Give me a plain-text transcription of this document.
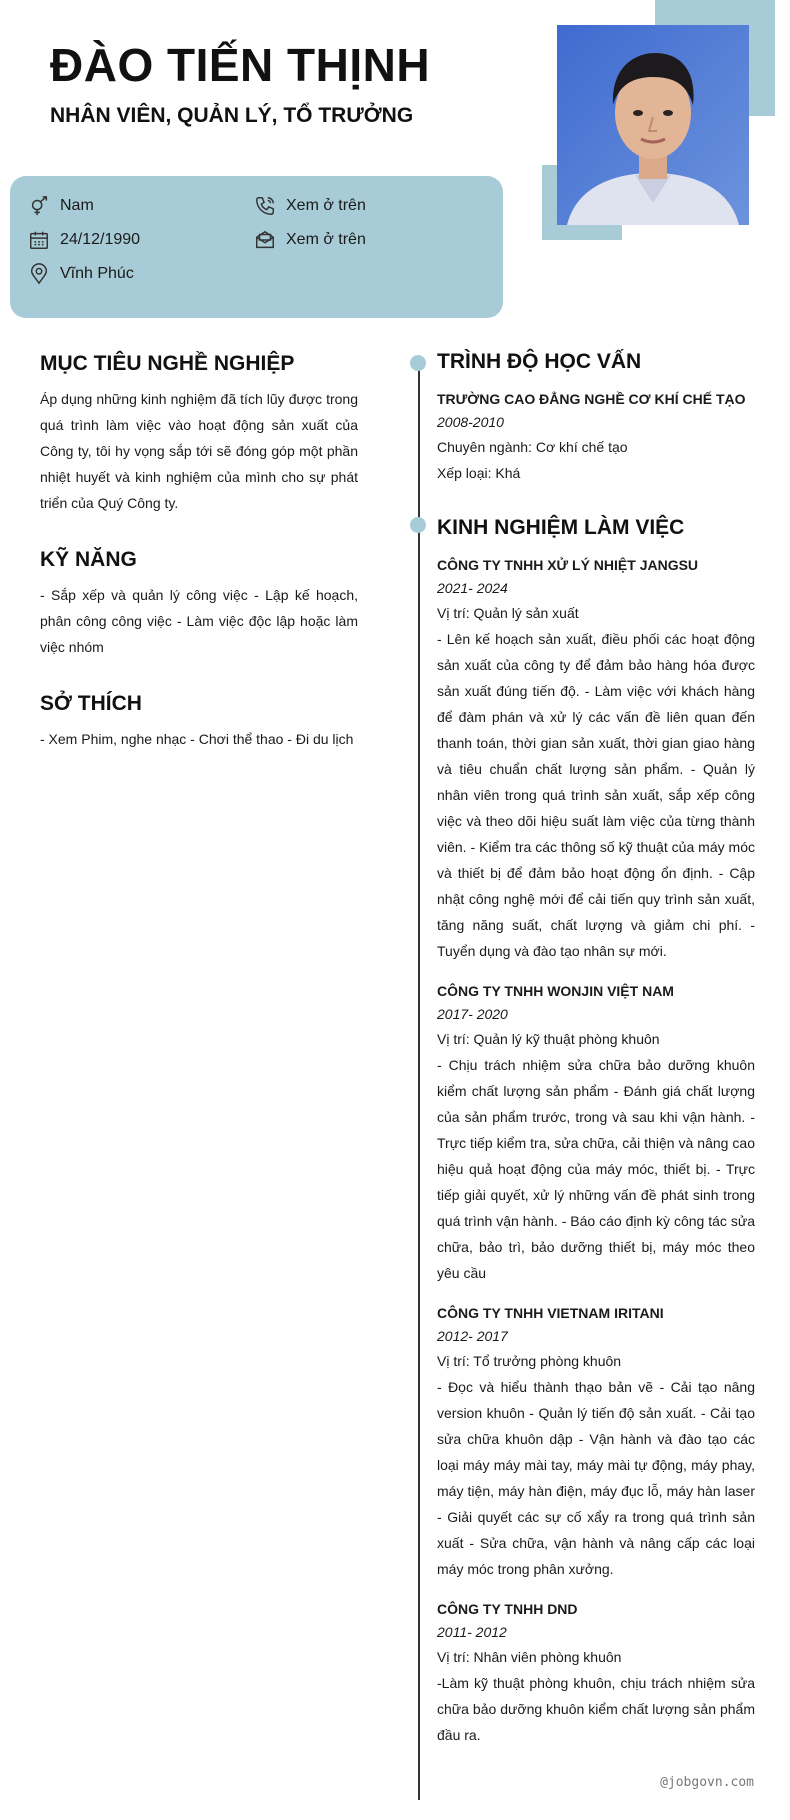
ĐÀO TIẾN THỊNH
NHÂN VIÊN, QUẢN LÝ, TỔ TRƯỞNG
Nam
24/12/1990
Vĩnh Phúc
Xem ở trên
Xem ở trên
MỤC TIÊU NGHỀ NGHIỆP

Áp dụng những kinh nghiệm đã tích lũy được trong quá trình làm việc vào hoạt động sản xuất của Công ty, tôi hy vọng sắp tới sẽ đóng góp một phần nhiệt huyết và kinh nghiệm của mình cho sự phát triển của Quý Công ty.

KỸ NĂNG

- Sắp xếp và quản lý công việc - Lập kế hoạch, phân công công việc - Làm việc độc lập hoặc làm việc nhóm

SỞ THÍCH

- Xem Phim, nghe nhạc - Chơi thể thao - Đi du lịch

TRÌNH ĐỘ HỌC VẤN
TRƯỜNG CAO ĐẲNG NGHỀ CƠ KHÍ CHẾ TẠO
2008-2010
Chuyên ngành: Cơ khí chế tạo
Xếp loại: Khá
KINH NGHIỆM LÀM VIỆC
CÔNG TY TNHH XỬ LÝ NHIỆT JANGSU
2021- 2024
Vị trí: Quản lý sản xuất
- Lên kế hoạch sản xuất, điều phối các hoạt động sản xuất của công ty để đảm bảo hàng hóa được sản xuất đúng tiến độ. - Làm việc với khách hàng để đàm phán và xử lý các vấn đề liên quan đến thanh toán, thời gian sản xuất, thời gian giao hàng và tiêu chuẩn chất lượng sản phẩm. - Quản lý nhân viên trong quá trình sản xuất, sắp xếp công việc và theo dõi hiệu suất làm việc của từng thành viên. - Kiểm tra các thông số kỹ thuật của máy móc và thiết bị để đảm bảo hoạt động ổn định. - Cập nhật công nghệ mới để cải tiến quy trình sản xuất, tăng năng suất, chất lượng và giảm chi phí. - Tuyển dụng và đào tạo nhân sự mới.
CÔNG TY TNHH WONJIN VIỆT NAM
2017- 2020
Vị trí: Quản lý kỹ thuật phòng khuôn
- Chịu trách nhiệm sửa chữa bảo dưỡng khuôn kiểm chất lượng sản phẩm - Đánh giá chất lượng của sản phẩm trước, trong và sau khi vận hành. - Trực tiếp kiểm tra, sửa chữa, cải thiện và nâng cao hiệu quả hoạt động của máy móc, thiết bị. - Trực tiếp giải quyết, xử lý những vấn đề phát sinh trong quá trình vận hành. - Báo cáo định kỳ công tác sửa chữa, bảo trì, bảo dưỡng thiết bị, máy móc theo yêu cầu
CÔNG TY TNHH VIETNAM IRITANI
2012- 2017
Vị trí: Tổ trưởng phòng khuôn
- Đọc và hiểu thành thạo bản vẽ - Cải tạo nâng version khuôn - Quản lý tiến độ sản xuất. - Cải tạo sửa chữa khuôn dập - Vận hành và đào tạo các loại máy máy mài tay, máy mài tự động, máy phay, máy tiện, máy hàn điện, máy đục lỗ, máy hàn laser - Giải quyết các sự cố xẩy ra trong quá trình sản xuất - Sửa chữa, vận hành và nâng cấp các loại máy móc trong phân xưởng.
CÔNG TY TNHH DND
2011- 2012
Vị trí: Nhân viên phòng khuôn
-Làm kỹ thuật phòng khuôn, chịu trách nhiệm sửa chữa bảo dưỡng khuôn kiểm chất lượng sản phẩm đầu ra.
@jobgovn.com
